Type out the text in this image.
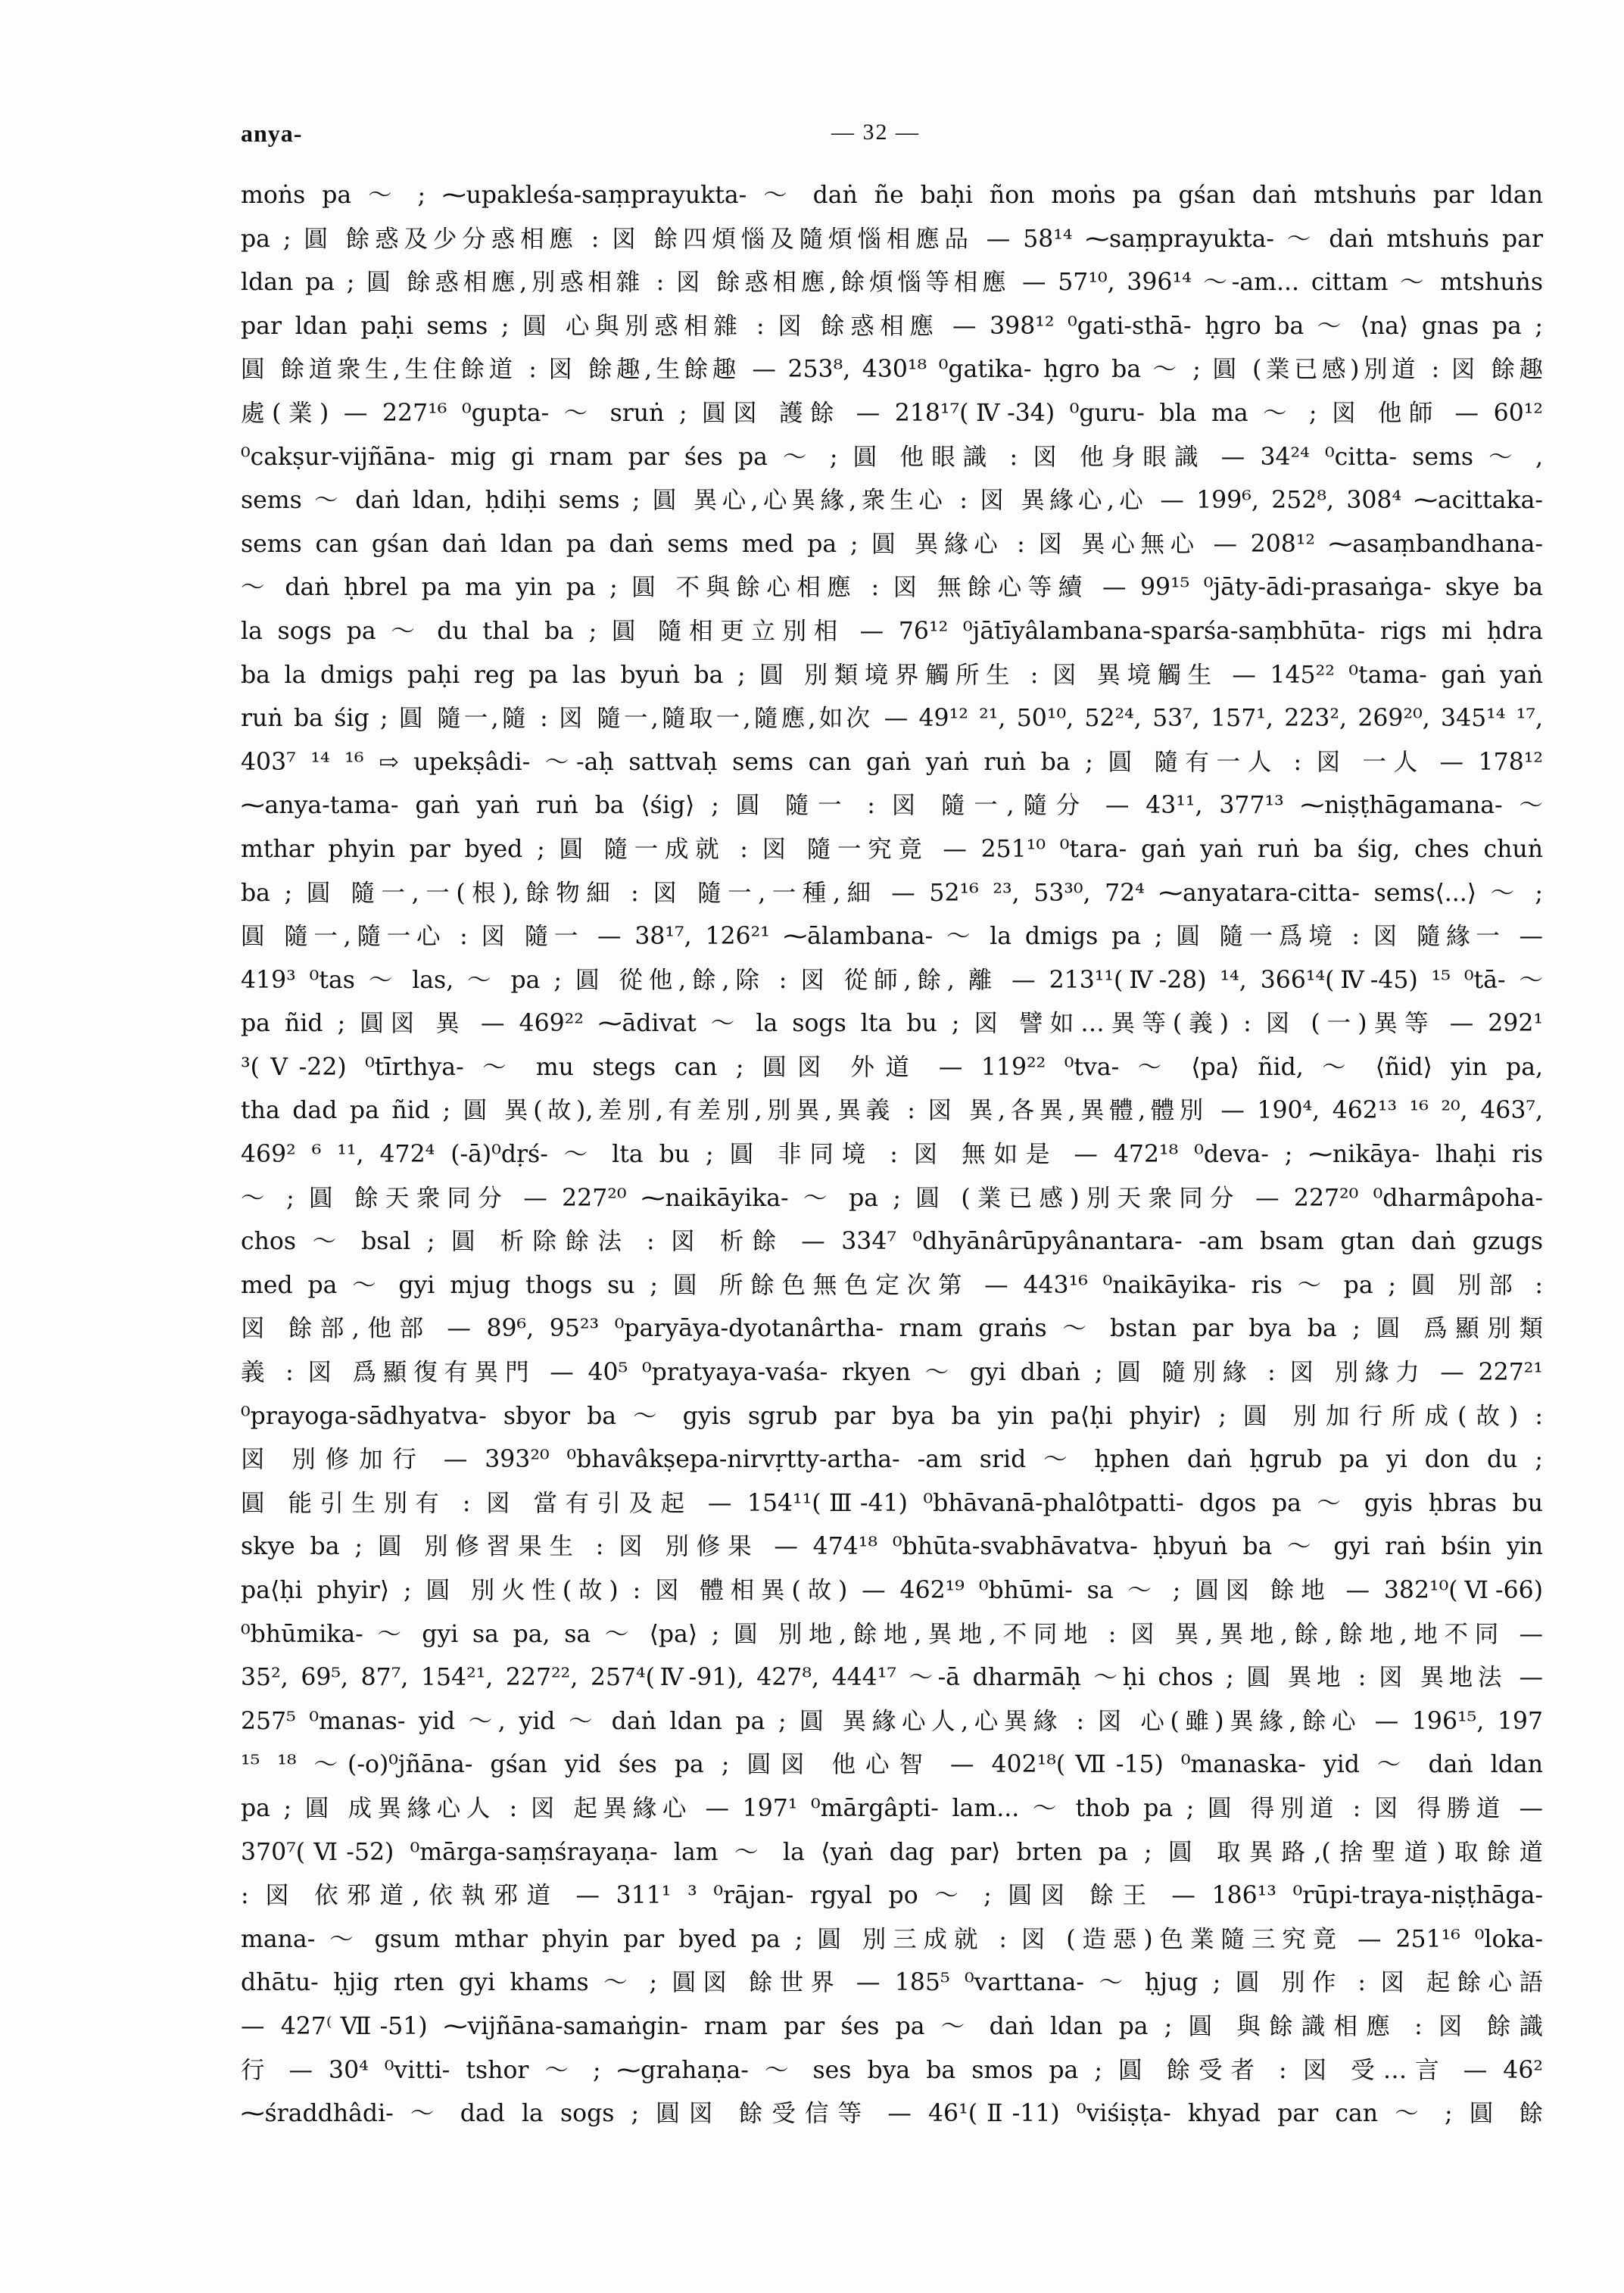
anya-	— 32 —
moṅs pa ～ ; ⁓upakleśa-saṃprayukta- ～ daṅ ñe baḥi ñon moṅs pa gśan daṅ mtshuṅs par ldan
pa ; 圓 餘惑及少分惑相應 : 図 餘四煩惱及隨煩惱相應品 — 58¹⁴ ⁓saṃprayukta- ～ daṅ mtshuṅs par
ldan pa ; 圓 餘惑相應,別惑相雜 : 図 餘惑相應,餘煩惱等相應 — 57¹⁰, 396¹⁴ ～-am... cittam ～ mtshuṅs
par ldan paḥi sems ; 圓 心與別惑相雜 : 図 餘惑相應 — 398¹² ⁰gati-sthā- ḥgro ba ～ ⟨na⟩ gnas pa ;
圓 餘道衆生,生住餘道 : 図 餘趣,生餘趣 — 253⁸, 430¹⁸ ⁰gatika- ḥgro ba ～ ; 圓 (業已感)別道 : 図 餘趣
處(業) — 227¹⁶ ⁰gupta- ～ sruṅ ; 圓図 護餘 — 218¹⁷(Ⅳ-34) ⁰guru- bla ma ～ ; 図 他師 — 60¹²
⁰cakṣur-vijñāna- mig gi rnam par śes pa ～ ; 圓 他眼識 : 図 他身眼識 — 34²⁴ ⁰citta- sems ～ ,
sems ～ daṅ ldan, ḥdiḥi sems ; 圓 異心,心異緣,衆生心 : 図 異緣心,心 — 199⁶, 252⁸, 308⁴ ⁓acittaka-
sems can gśan daṅ ldan pa daṅ sems med pa ; 圓 異緣心 : 図 異心無心 — 208¹² ⁓asaṃbandhana-
～ daṅ ḥbrel pa ma yin pa ; 圓 不與餘心相應 : 図 無餘心等續 — 99¹⁵ ⁰jāty-ādi-prasaṅga- skye ba
la sogs pa ～ du thal ba ; 圓 隨相更立別相 — 76¹² ⁰jātīyâlambana-sparśa-saṃbhūta- rigs mi ḥdra
ba la dmigs paḥi reg pa las byuṅ ba ; 圓 別類境界觸所生 : 図 異境觸生 — 145²² ⁰tama- gaṅ yaṅ
ruṅ ba śig ; 圓 隨一,隨 : 図 隨一,隨取一,隨應,如次 — 49¹² ²¹, 50¹⁰, 52²⁴, 53⁷, 157¹, 223², 269²⁰, 345¹⁴ ¹⁷,
403⁷ ¹⁴ ¹⁶ ⇨ upekṣâdi- ～-aḥ sattvaḥ sems can gaṅ yaṅ ruṅ ba ; 圓 隨有一人 : 図 一人 — 178¹²
⁓anya-tama- gaṅ yaṅ ruṅ ba ⟨śig⟩ ; 圓 隨一 : 図 隨一,隨分 — 43¹¹, 377¹³ ⁓niṣṭhāgamana- ～
mthar phyin par byed ; 圓 隨一成就 : 図 隨一究竟 — 251¹⁰ ⁰tara- gaṅ yaṅ ruṅ ba śig, ches chuṅ
ba ; 圓 隨一,一(根),餘物細 : 図 隨一,一種,細 — 52¹⁶ ²³, 53³⁰, 72⁴ ⁓anyatara-citta- sems⟨...⟩ ～ ;
圓 隨一,隨一心 : 図 隨一 — 38¹⁷, 126²¹ ⁓ālambana- ～ la dmigs pa ; 圓 隨一爲境 : 図 隨緣一 —
419³ ⁰tas ～ las, ～ pa ; 圓 從他,餘,除 : 図 從師,餘, 離 — 213¹¹(Ⅳ-28) ¹⁴, 366¹⁴(Ⅳ-45) ¹⁵ ⁰tā- ～
pa ñid ; 圓図 異 — 469²² ⁓ādivat ～ la sogs lta bu ; 図 譬如…異等(義) : 図 (一)異等 — 292¹
³(Ⅴ-22) ⁰tīrthya- ～ mu stegs can ; 圓図 外道 — 119²² ⁰tva- ～ ⟨pa⟩ ñid, ～ ⟨ñid⟩ yin pa,
tha dad pa ñid ; 圓 異(故),差別,有差別,別異,異義 : 図 異,各異,異體,體別 — 190⁴, 462¹³ ¹⁶ ²⁰, 463⁷,
469² ⁶ ¹¹, 472⁴ (-ā)⁰dṛś- ～ lta bu ; 圓 非同境 : 図 無如是 — 472¹⁸ ⁰deva- ; ⁓nikāya- lhaḥi ris
～ ; 圓 餘天衆同分 — 227²⁰ ⁓naikāyika- ～ pa ; 圓 (業已感)別天衆同分 — 227²⁰ ⁰dharmâpoha-
chos ～ bsal ; 圓 析除餘法 : 図 析餘 — 334⁷ ⁰dhyānârūpyânantara- -am bsam gtan daṅ gzugs
med pa ～ gyi mjug thogs su ; 圓 所餘色無色定次第 — 443¹⁶ ⁰naikāyika- ris ～ pa ; 圓 別部 :
図 餘部,他部 — 89⁶, 95²³ ⁰paryāya-dyotanârtha- rnam graṅs ～ bstan par bya ba ; 圓 爲顯別類
義 : 図 爲顯復有異門 — 40⁵ ⁰pratyaya-vaśa- rkyen ～ gyi dbaṅ ; 圓 隨別緣 : 図 別緣力 — 227²¹
⁰prayoga-sādhyatva- sbyor ba ～ gyis sgrub par bya ba yin pa⟨ḥi phyir⟩ ; 圓 別加行所成(故) :
図 別修加行 — 393²⁰ ⁰bhavâkṣepa-nirvṛtty-artha- -am srid ～ ḥphen daṅ ḥgrub pa yi don du ;
圓 能引生別有 : 図 當有引及起 — 154¹¹(Ⅲ-41) ⁰bhāvanā-phalôtpatti- dgos pa ～ gyis ḥbras bu
skye ba ; 圓 別修習果生 : 図 別修果 — 474¹⁸ ⁰bhūta-svabhāvatva- ḥbyuṅ ba ～ gyi raṅ bśin yin
pa⟨ḥi phyir⟩ ; 圓 別火性(故) : 図 體相異(故) — 462¹⁹ ⁰bhūmi- sa ～ ; 圓図 餘地 — 382¹⁰(Ⅵ-66)
⁰bhūmika- ～ gyi sa pa, sa ～ ⟨pa⟩ ; 圓 別地,餘地,異地,不同地 : 図 異,異地,餘,餘地,地不同 —
35², 69⁵, 87⁷, 154²¹, 227²², 257⁴(Ⅳ-91), 427⁸, 444¹⁷ ～-ā dharmāḥ ～ḥi chos ; 圓 異地 : 図 異地法 —
257⁵ ⁰manas- yid ～, yid ～ daṅ ldan pa ; 圓 異緣心人,心異緣 : 図 心(雖)異緣,餘心 — 196¹⁵, 197
¹⁵ ¹⁸ ～(-o)⁰jñāna- gśan yid śes pa ; 圓図 他心智 — 402¹⁸(Ⅶ-15) ⁰manaska- yid ～ daṅ ldan
pa ; 圓 成異緣心人 : 図 起異緣心 — 197¹ ⁰mārgâpti- lam... ～ thob pa ; 圓 得別道 : 図 得勝道 —
370⁷(Ⅵ-52) ⁰mārga-saṃśrayaṇa- lam ～ la ⟨yaṅ dag par⟩ brten pa ; 圓 取異路,(捨聖道)取餘道
: 図 依邪道,依執邪道 — 311¹ ³ ⁰rājan- rgyal po ～ ; 圓図 餘王 — 186¹³ ⁰rūpi-traya-niṣṭhāga-
mana- ～ gsum mthar phyin par byed pa ; 圓 別三成就 : 図 (造惡)色業隨三究竟 — 251¹⁶ ⁰loka-
dhātu- ḥjig rten gyi khams ～ ; 圓図 餘世界 — 185⁵ ⁰varttana- ～ ḥjug ; 圓 別作 : 図 起餘心語
— 427⁽Ⅶ-51) ⁓vijñāna-samaṅgin- rnam par śes pa ～ daṅ ldan pa ; 圓 與餘識相應 : 図 餘識
行 — 30⁴ ⁰vitti- tshor ～ ; ⁓grahaṇa- ～ ses bya ba smos pa ; 圓 餘受者 : 図 受…言 — 46²
⁓śraddhâdi- ～ dad la sogs ; 圓図 餘受信等 — 46¹(Ⅱ-11) ⁰viśiṣṭa- khyad par can ～ ; 圓 餘
